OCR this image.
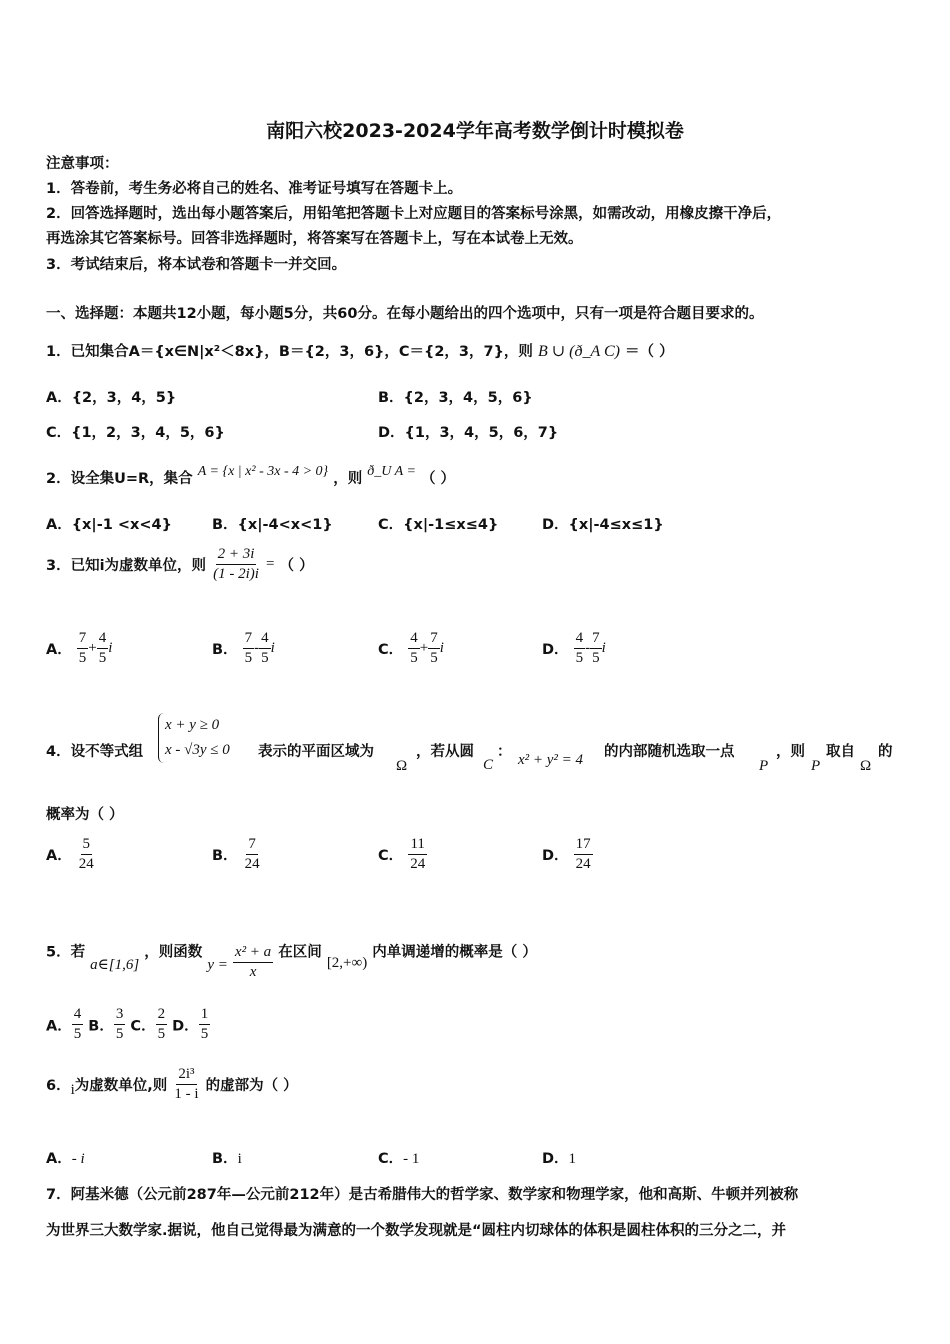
南阳六校2023-2024学年高考数学倒计时模拟卷
注意事项：
1．答卷前，考生务必将自己的姓名、准考证号填写在答题卡上。
2．回答选择题时，选出每小题答案后，用铅笔把答题卡上对应题目的答案标号涂黑，如需改动，用橡皮擦干净后，
再选涂其它答案标号。回答非选择题时，将答案写在答题卡上，写在本试卷上无效。
3．考试结束后，将本试卷和答题卡一并交回。
一、选择题：本题共12小题，每小题5分，共60分。在每小题给出的四个选项中，只有一项是符合题目要求的。
1．已知集合A＝{x∈N|x²＜8x}，B＝{2，3，6}，C＝{2，3，7}，则 B ∪ (ð_A C) ＝（ ）
A．{2，3，4，5}	B．{2，3，4，5，6}
C．{1，2，3，4，5，6}	D．{1，3，4，5，6，7}
2．设全集U=R，集合 A = {x | x² - 3x - 4 > 0} ，则 ð_U A = （ ）
A．{x|-1 <x<4}	B．{x|-4<x<1}	C．{x|-1≤x≤4}	D．{x|-4≤x≤1}
3．已知i为虚数单位，则 $\frac{2 + 3i}{(1 - 2i)i}$ = （ ）
A． $\frac{7}{5} + \frac{4}{5}$ i	B． $\frac{7}{5} - \frac{4}{5}$ i	C． $\frac{4}{5} + \frac{7}{5}$ i	D． $\frac{4}{5} - \frac{7}{5}$ i
4．设不等式组
x + y ≥ 0
x - √3y ≤ 0 表示的平面区域为
Ω
，若从圆
C
： x² + y² = 4 的内部随机选取一点
P
，则
P
取自
Ω
的
概率为（ ）
A． $\frac{5}{24}$	B． $\frac{7}{24}$	C． $\frac{11}{24}$	D． $\frac{17}{24}$
5．若 a∈[1,6] ，则函数 $y = \frac{\text{x² + a}}{x}$ 在区间 [2,+∞) 内单调递增的概率是（ ）
A． $\frac{4}{5}$ B． $\frac{3}{5}$ C． $\frac{2}{5}$ D． $\frac{1}{5}$
6．i为虚数单位,则 $\frac{\text{2i³}}{1 - i}$ 的虚部为（ ）
A．- i	B．i	C．- 1	D．1
7．阿基米德（公元前287年—公元前212年）是古希腊伟大的哲学家、数学家和物理学家，他和高斯、牛顿并列被称
为世界三大数学家.据说，他自己觉得最为满意的一个数学发现就是“圆柱内切球体的体积是圆柱体积的三分之二，并
